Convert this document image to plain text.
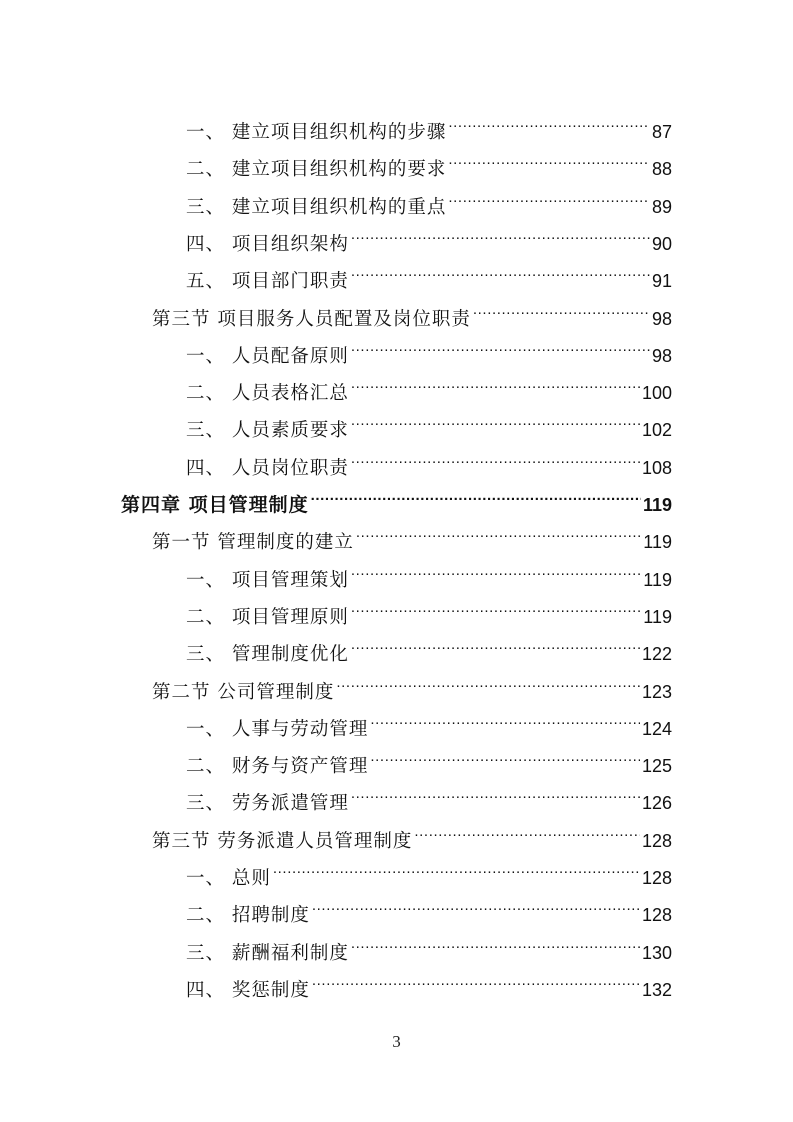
一、 建立项目组织机构的步骤 .....	87
二、 建立项目组织机构的要求 .....	88
三、 建立项目组织机构的重点 .....	89
四、 项目组织架构 .....	90
五、 项目部门职责 .....	91
第三节 项目服务人员配置及岗位职责 .....	98
一、 人员配备原则 .....	98
二、 人员表格汇总 .....	100
三、 人员素质要求 .....	102
四、 人员岗位职责 .....	108
第四章 项目管理制度 .....	119
第一节 管理制度的建立 .....	119
一、 项目管理策划 .....	119
二、 项目管理原则 .....	119
三、 管理制度优化 .....	122
第二节 公司管理制度 .....	123
一、 人事与劳动管理 .....	124
二、 财务与资产管理 .....	125
三、 劳务派遣管理 .....	126
第三节 劳务派遣人员管理制度 .....	128
一、 总则 .....	128
二、 招聘制度 .....	128
三、 薪酬福利制度 .....	130
四、 奖惩制度 .....	132
3
